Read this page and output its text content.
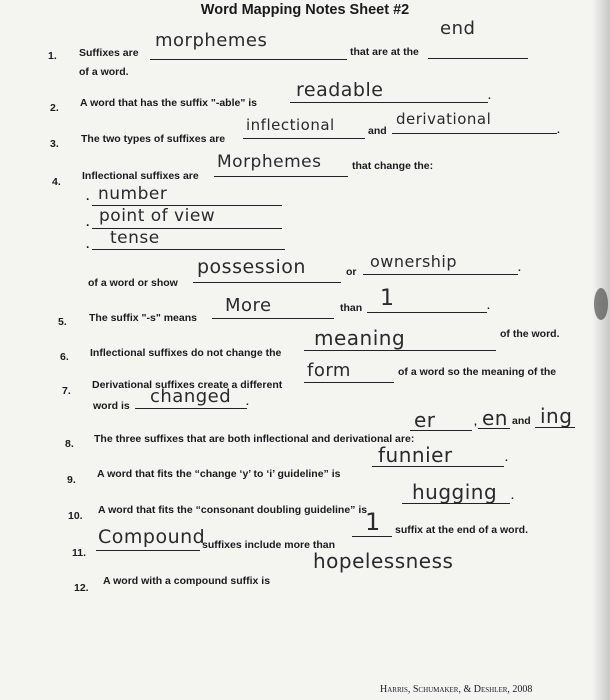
Word Mapping Notes Sheet #2
1. Suffixes are
morphemes
that are at the
end
of a word.
2. A word that has the suffix "-able" is
readable	.
3. The two types of suffixes are
inflectional	and
derivational
.
4. Inflectional suffixes are
Morphemes	that change the:
· number
· point of view
· tense
of a word or show
possession	or
ownership	.
5. The suffix "-s" means
More	than 1	.
6. Inflectional suffixes do not change the
meaning	of the word.
7. Derivational suffixes create a different
form	of a word so the meaning of the
word is changed .
8. The three suffixes that are both inflectional and derivational are:
er	, en and ing
9. A word that fits the “change ‘y’ to ‘i’ guideline” is
funnier	.
10. A word that fits the “consonant doubling guideline” is
hugging .
11.
Compound
suffixes include more than
1 suffix at the end of a word.
12.
A word with a compound suffix is
hopelessness
Harris, Schumaker, & Deshler, 2008
